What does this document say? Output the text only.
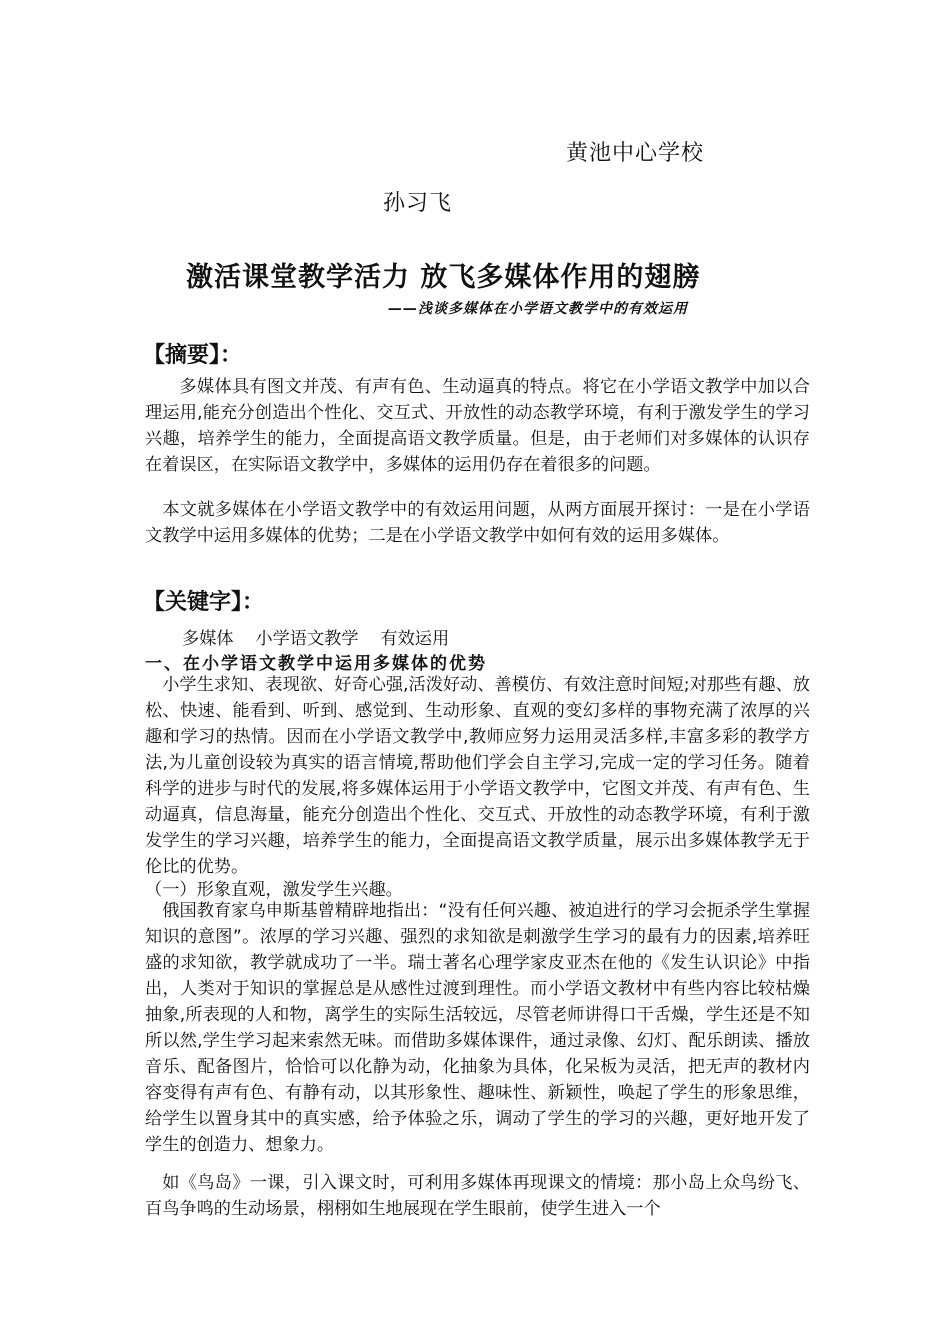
黄池中心学校
孙习飞
激活课堂教学活力 放飞多媒体作用的翅膀
——浅谈多媒体在小学语文教学中的有效运用
【摘要】：

多媒体具有图文并茂、有声有色、生动逼真的特点。将它在小学语文教学中加以合理运用,能充分创造出个性化、交互式、开放性的动态教学环境，有利于激发学生的学习兴趣，培养学生的能力，全面提高语文教学质量。但是，由于老师们对多媒体的认识存在着误区，在实际语文教学中，多媒体的运用仍存在着很多的问题。

本文就多媒体在小学语文教学中的有效运用问题，从两方面展开探讨：一是在小学语文教学中运用多媒体的优势；二是在小学语文教学中如何有效的运用多媒体。

【关键字】：
多媒体    小学语文教学    有效运用
一、在小学语文教学中运用多媒体的优势

小学生求知、表现欲、好奇心强,活泼好动、善模仿、有效注意时间短;对那些有趣、放松、快速、能看到、听到、感觉到、生动形象、直观的变幻多样的事物充满了浓厚的兴趣和学习的热情。因而在小学语文教学中,教师应努力运用灵活多样,丰富多彩的教学方法,为儿童创设较为真实的语言情境,帮助他们学会自主学习,完成一定的学习任务。随着科学的进步与时代的发展,将多媒体运用于小学语文教学中，它图文并茂、有声有色、生动逼真，信息海量，能充分创造出个性化、交互式、开放性的动态教学环境，有利于激发学生的学习兴趣，培养学生的能力，全面提高语文教学质量，展示出多媒体教学无于伦比的优势。

（一）形象直观，激发学生兴趣。

俄国教育家乌申斯基曾精辟地指出：“没有任何兴趣、被迫进行的学习会扼杀学生掌握知识的意图”。浓厚的学习兴趣、强烈的求知欲是刺激学生学习的最有力的因素,培养旺盛的求知欲，教学就成功了一半。瑞士著名心理学家皮亚杰在他的《发生认识论》中指出，人类对于知识的掌握总是从感性过渡到理性。而小学语文教材中有些内容比较枯燥抽象,所表现的人和物，离学生的实际生活较远，尽管老师讲得口干舌燥，学生还是不知所以然,学生学习起来索然无味。而借助多媒体课件，通过录像、幻灯、配乐朗读、播放音乐、配备图片，恰恰可以化静为动，化抽象为具体，化呆板为灵活，把无声的教材内容变得有声有色、有静有动，以其形象性、趣味性、新颖性，唤起了学生的形象思维，给学生以置身其中的真实感，给予体验之乐，调动了学生的学习的兴趣，更好地开发了学生的创造力、想象力。

如《鸟岛》一课，引入课文时，可利用多媒体再现课文的情境：那小岛上众鸟纷飞、百鸟争鸣的生动场景，栩栩如生地展现在学生眼前，使学生进入一个
